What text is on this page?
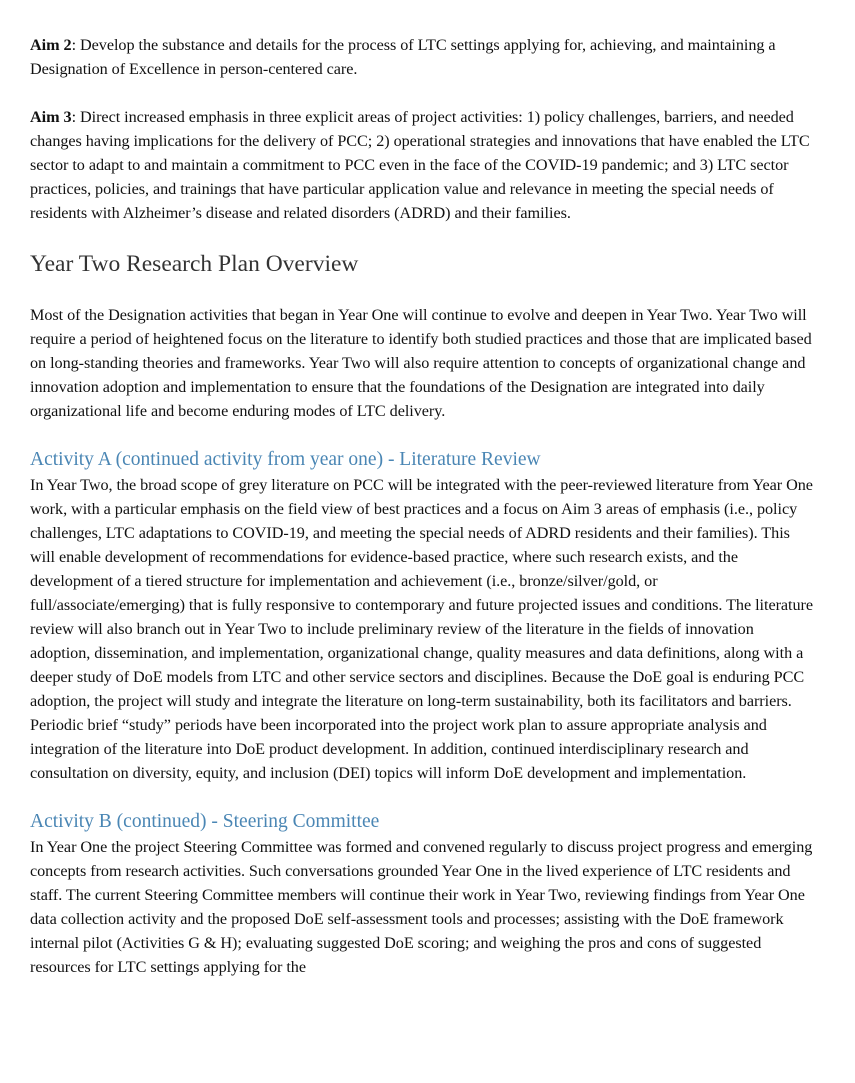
Aim 2: Develop the substance and details for the process of LTC settings applying for, achieving, and maintaining a Designation of Excellence in person-centered care.

Aim 3: Direct increased emphasis in three explicit areas of project activities: 1) policy challenges, barriers, and needed changes having implications for the delivery of PCC; 2) operational strategies and innovations that have enabled the LTC sector to adapt to and maintain a commitment to PCC even in the face of the COVID-19 pandemic; and 3) LTC sector practices, policies, and trainings that have particular application value and relevance in meeting the special needs of residents with Alzheimer’s disease and related disorders (ADRD) and their families.

Year Two Research Plan Overview

Most of the Designation activities that began in Year One will continue to evolve and deepen in Year Two. Year Two will require a period of heightened focus on the literature to identify both studied practices and those that are implicated based on long-standing theories and frameworks. Year Two will also require attention to concepts of organizational change and innovation adoption and implementation to ensure that the foundations of the Designation are integrated into daily organizational life and become enduring modes of LTC delivery.

Activity A (continued activity from year one) - Literature Review

In Year Two, the broad scope of grey literature on PCC will be integrated with the peer-reviewed literature from Year One work, with a particular emphasis on the field view of best practices and a focus on Aim 3 areas of emphasis (i.e., policy challenges, LTC adaptations to COVID-19, and meeting the special needs of ADRD residents and their families). This will enable development of recommendations for evidence-based practice, where such research exists, and the development of a tiered structure for implementation and achievement (i.e., bronze/silver/gold, or full/associate/emerging) that is fully responsive to contemporary and future projected issues and conditions. The literature review will also branch out in Year Two to include preliminary review of the literature in the fields of innovation adoption, dissemination, and implementation, organizational change, quality measures and data definitions, along with a deeper study of DoE models from LTC and other service sectors and disciplines. Because the DoE goal is enduring PCC adoption, the project will study and integrate the literature on long-term sustainability, both its facilitators and barriers. Periodic brief “study” periods have been incorporated into the project work plan to assure appropriate analysis and integration of the literature into DoE product development. In addition, continued interdisciplinary research and consultation on diversity, equity, and inclusion (DEI) topics will inform DoE development and implementation.

Activity B (continued) - Steering Committee

In Year One the project Steering Committee was formed and convened regularly to discuss project progress and emerging concepts from research activities. Such conversations grounded Year One in the lived experience of LTC residents and staff. The current Steering Committee members will continue their work in Year Two, reviewing findings from Year One data collection activity and the proposed DoE self-assessment tools and processes; assisting with the DoE framework internal pilot (Activities G & H); evaluating suggested DoE scoring; and weighing the pros and cons of suggested resources for LTC settings applying for the
